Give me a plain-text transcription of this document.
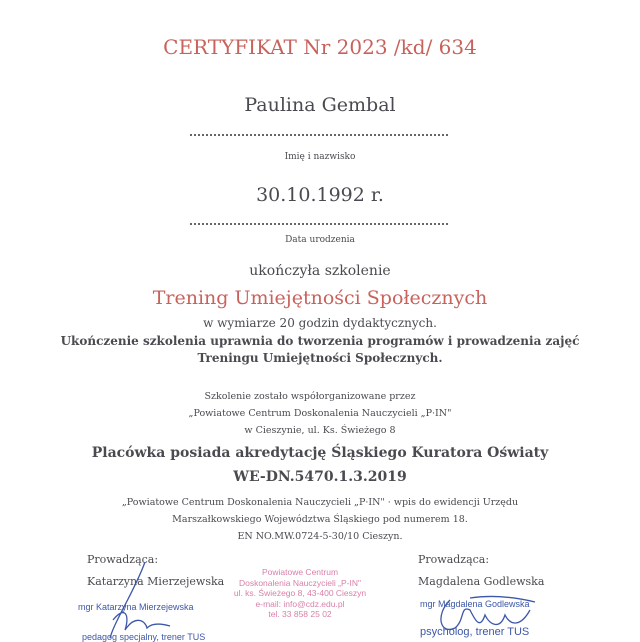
CERTYFIKAT Nr 2023 /kd/ 634
Paulina Gembal
Imię i nazwisko
30.10.1992 r.
Data urodzenia
ukończyła szkolenie
Trening Umiejętności Społecznych
w wymiarze 20 godzin dydaktycznych.
Ukończenie szkolenia uprawnia do tworzenia programów i prowadzenia zajęć
Treningu Umiejętności Społecznych.
Szkolenie zostało współorganizowane przez
„Powiatowe Centrum Doskonalenia Nauczycieli „P·IN"
w Cieszynie, ul. Ks. Świeżego 8
Placówka posiada akredytację Śląskiego Kuratora Oświaty
WE-DN.5470.1.3.2019
„Powiatowe Centrum Doskonalenia Nauczycieli „P·IN" · wpis do ewidencji Urzędu
Marszałkowskiego Województwa Śląskiego pod numerem 18.
EN NO.MW.0724-5-30/10 Cieszyn.
Prowadząca:
Katarzyna Mierzejewska
mgr Katarzyna Mierzejewska
pedagog specjalny, trener TUS
Powiatowe Centrum
Doskonalenia Nauczycieli „P-IN"
ul. ks. Świeżego 8, 43-400 Cieszyn
e-mail: info@cdz.edu.pl
tel. 33 858 25 02
Prowadząca:
Magdalena Godlewska
mgr Magdalena Godlewska
psycholog, trener TUS
